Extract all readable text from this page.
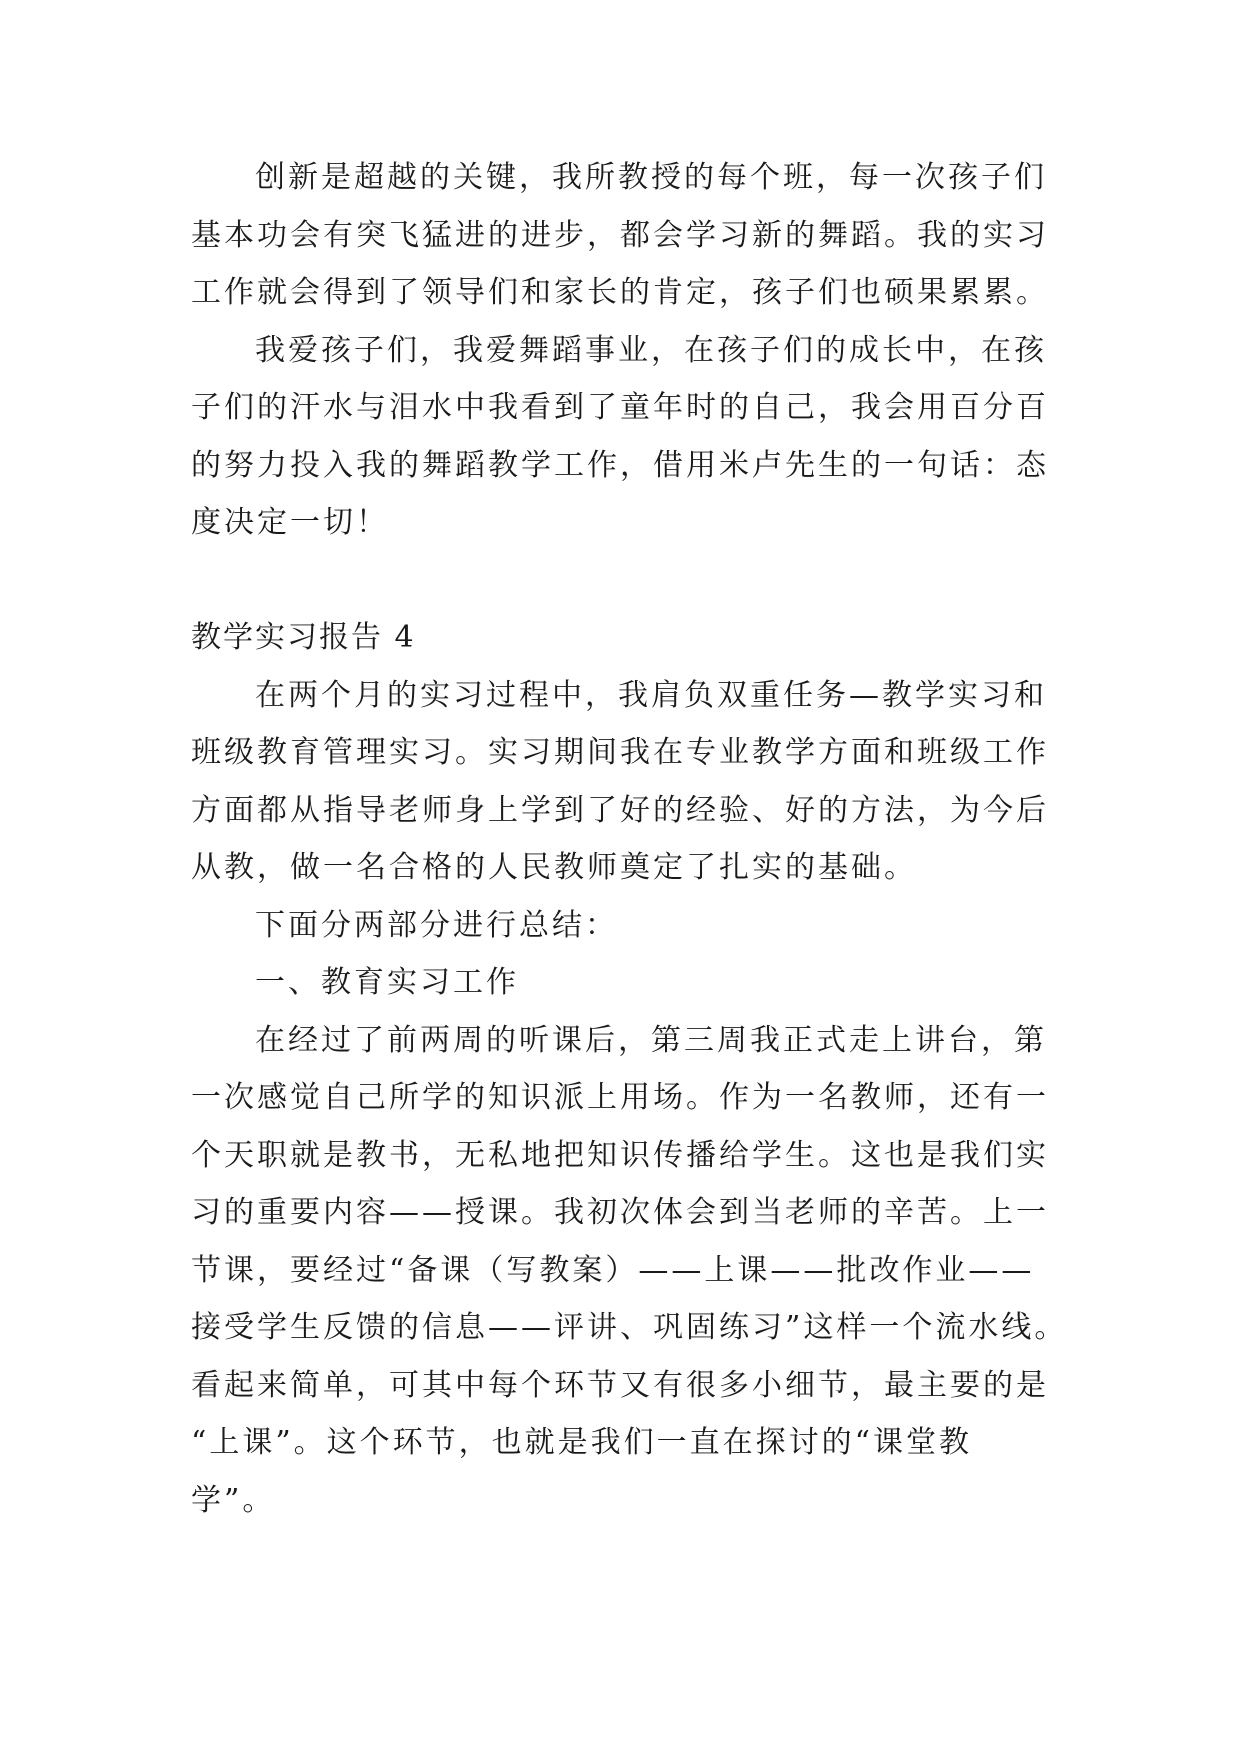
创新是超越的关键，我所教授的每个班，每一次孩子们
基本功会有突飞猛进的进步，都会学习新的舞蹈。我的实习
工作就会得到了领导们和家长的肯定，孩子们也硕果累累。
我爱孩子们，我爱舞蹈事业，在孩子们的成长中，在孩
子们的汗水与泪水中我看到了童年时的自己，我会用百分百
的努力投入我的舞蹈教学工作，借用米卢先生的一句话：态
度决定一切！
教学实习报告 4
在两个月的实习过程中，我肩负双重任务—教学实习和
班级教育管理实习。实习期间我在专业教学方面和班级工作
方面都从指导老师身上学到了好的经验、好的方法，为今后
从教，做一名合格的人民教师奠定了扎实的基础。
下面分两部分进行总结：
一、教育实习工作
在经过了前两周的听课后，第三周我正式走上讲台，第
一次感觉自己所学的知识派上用场。作为一名教师，还有一
个天职就是教书，无私地把知识传播给学生。这也是我们实
习的重要内容——授课。我初次体会到当老师的辛苦。上一
节课，要经过“备课（写教案）——上课——批改作业——
接受学生反馈的信息——评讲、巩固练习”这样一个流水线。
看起来简单，可其中每个环节又有很多小细节，最主要的是
“上课”。这个环节，也就是我们一直在探讨的“课堂教
学”。
